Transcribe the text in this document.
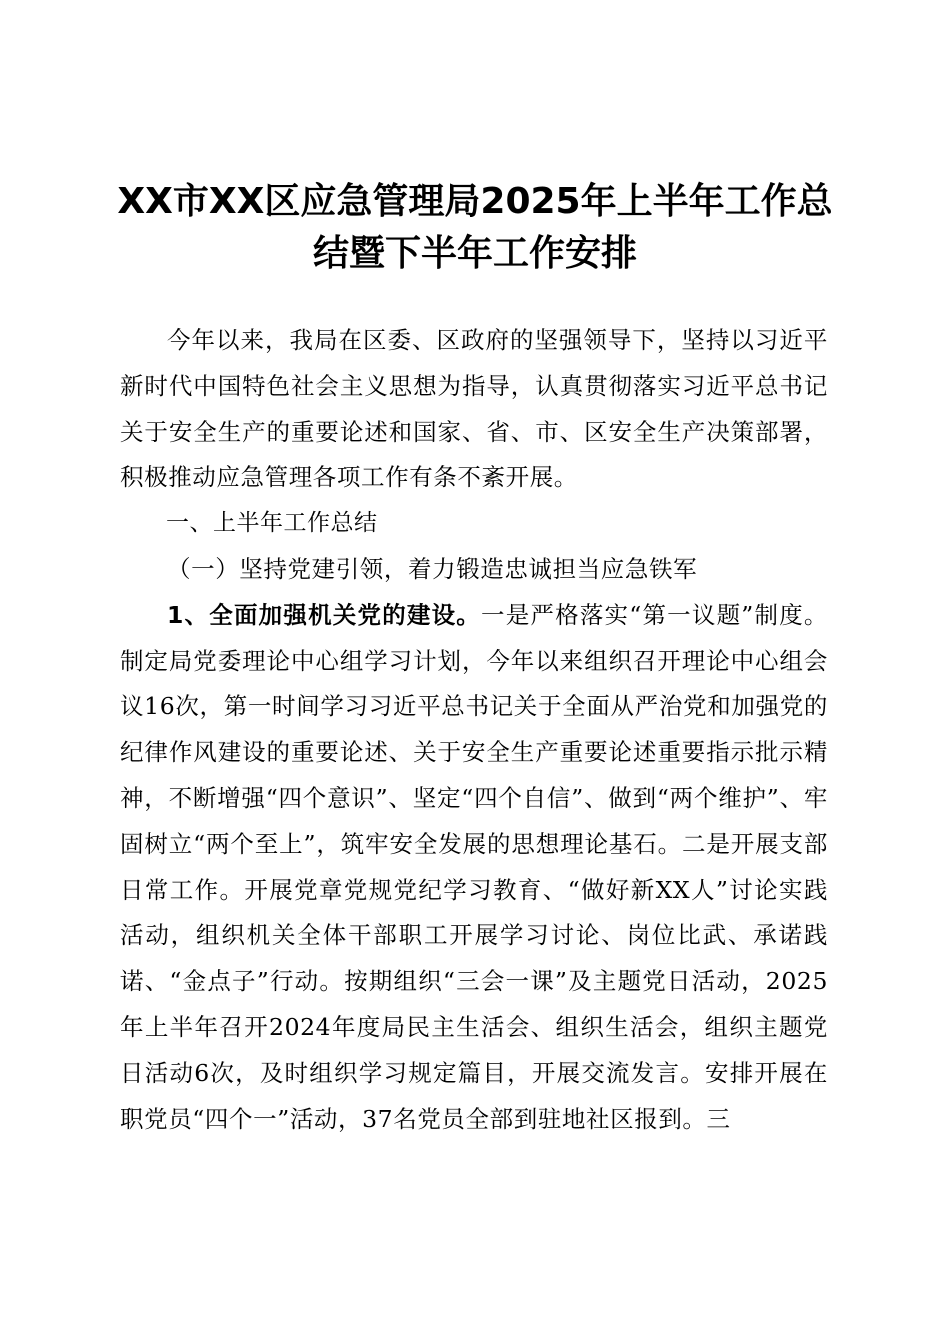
XX市XX区应急管理局2025年上半年工作总
结暨下半年工作安排

今年以来，我局在区委、区政府的坚强领导下，坚持以习近平新时代中国特色社会主义思想为指导，认真贯彻落实习近平总书记关于安全生产的重要论述和国家、省、市、区安全生产决策部署，积极推动应急管理各项工作有条不紊开展。

一、上半年工作总结

（一）坚持党建引领，着力锻造忠诚担当应急铁军

1、全面加强机关党的建设。一是严格落实“第一议题”制度。制定局党委理论中心组学习计划，今年以来组织召开理论中心组会议16次，第一时间学习习近平总书记关于全面从严治党和加强党的纪律作风建设的重要论述、关于安全生产重要论述重要指示批示精神，不断增强“四个意识”、坚定“四个自信”、做到“两个维护”、牢固树立“两个至上”，筑牢安全发展的思想理论基石。二是开展支部日常工作。开展党章党规党纪学习教育、“做好新XX人”讨论实践活动，组织机关全体干部职工开展学习讨论、岗位比武、承诺践诺、“金点子”行动。按期组织“三会一课”及主题党日活动，2025年上半年召开2024年度局民主生活会、组织生活会，组织主题党日活动6次，及时组织学习规定篇目，开展交流发言。安排开展在职党员“四个一”活动，37名党员全部到驻地社区报到。三
